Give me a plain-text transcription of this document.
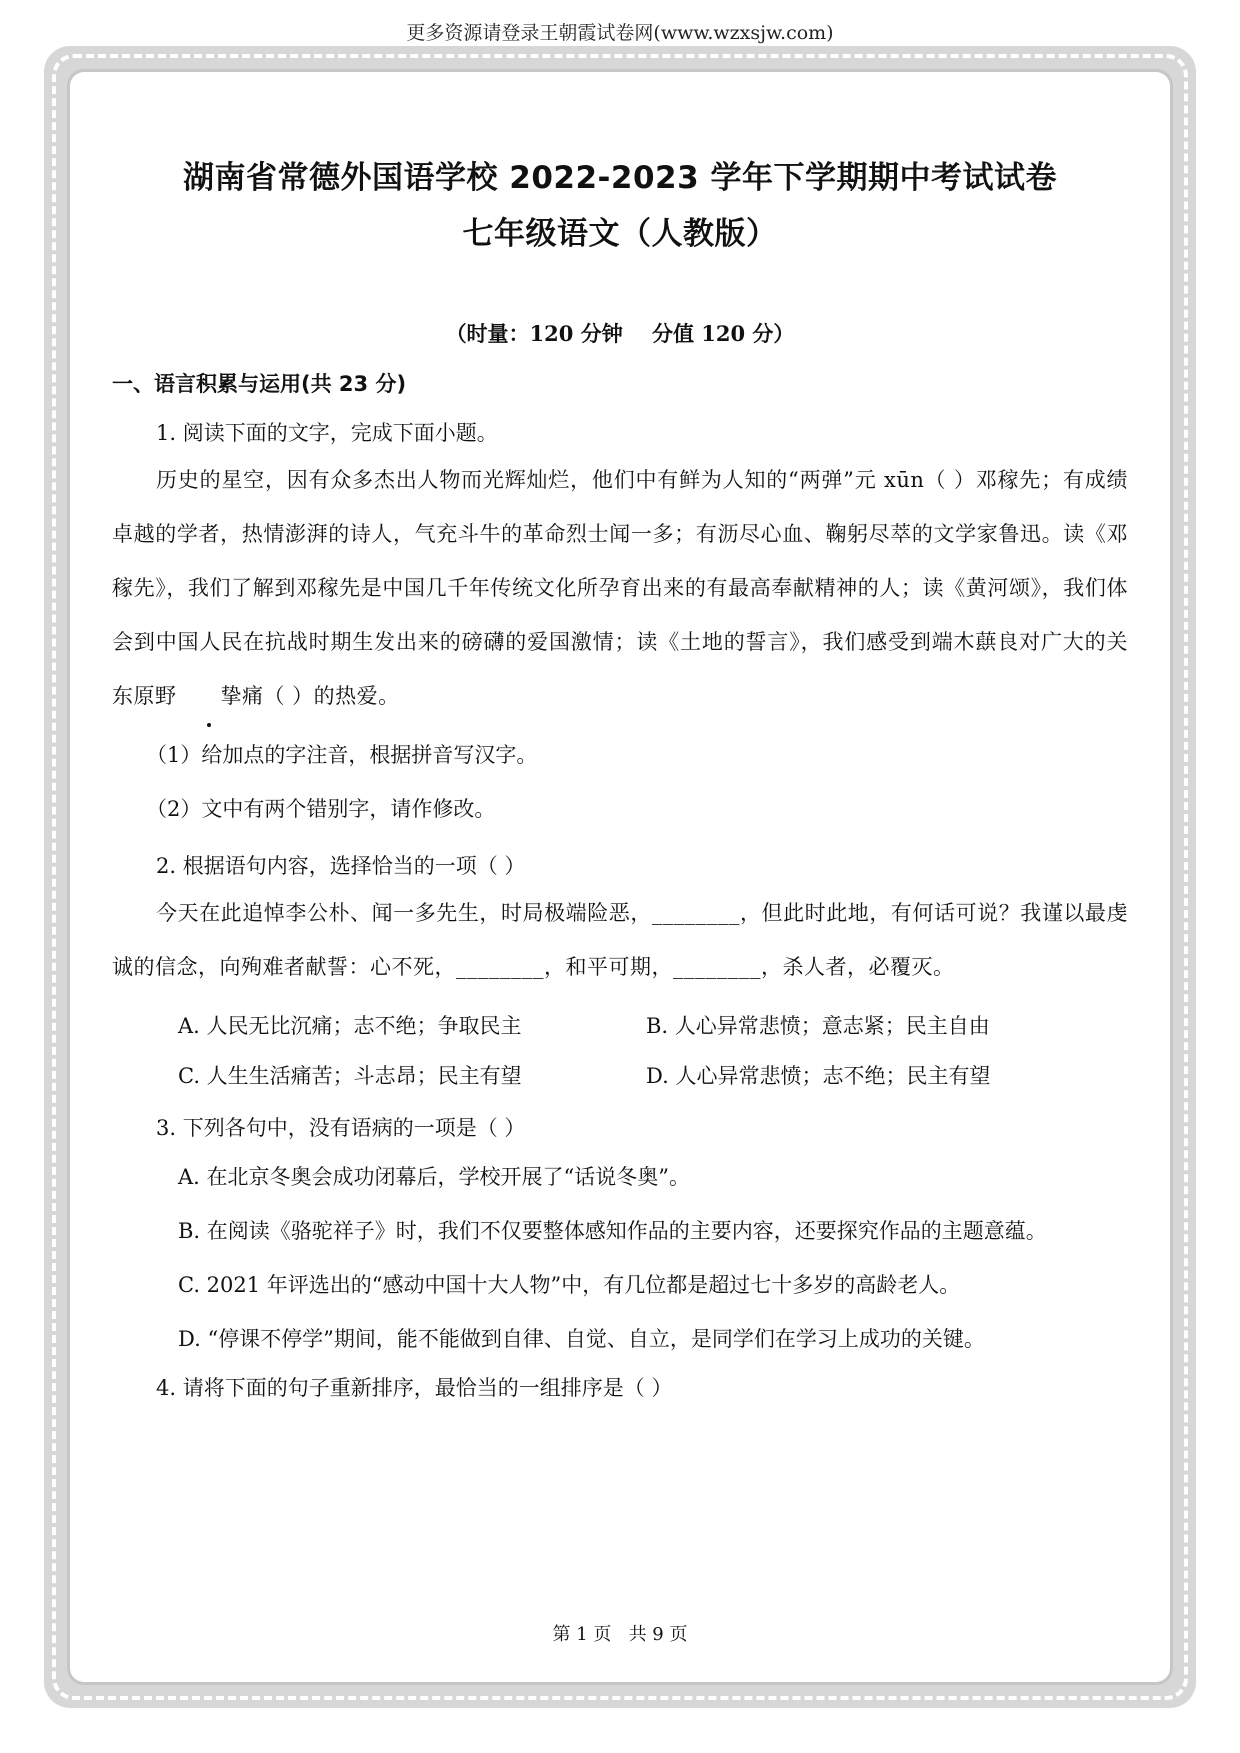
更多资源请登录王朝霞试卷网(www.wzxsjw.com)
湖南省常德外国语学校 2022-2023 学年下学期期中考试试卷
七年级语文（人教版）
（时量：120 分钟    分值 120 分）
一、语言积累与运用(共 23 分)
1. 阅读下面的文字，完成下面小题。
历史的星空，因有众多杰出人物而光辉灿烂，他们中有鲜为人知的“两弹”元 xūn（ ）邓稼先；有成绩卓越的学者，热情澎湃的诗人，气充斗牛的革命烈士闻一多；有沥尽心血、鞠躬尽萃的文学家鲁迅。读《邓稼先》，我们了解到邓稼先是中国几千年传统文化所孕育出来的有最高奉献精神的人；读《黄河颂》，我们体会到中国人民在抗战时期生发出来的磅礴的爱国激情；读《土地的誓言》，我们感受到端木蕻良对广大的关东原野 挚痛（ ）的热爱。
（1）给加点的字注音，根据拼音写汉字。
（2）文中有两个错别字，请作修改。
2. 根据语句内容，选择恰当的一项（ ）
今天在此追悼李公朴、闻一多先生，时局极端险恶，________，但此时此地，有何话可说？我谨以最虔诚的信念，向殉难者献誓：心不死，________，和平可期，________，杀人者，必覆灭。
A. 人民无比沉痛；志不绝；争取民主	B. 人心异常悲愤；意志紧；民主自由
C. 人生生活痛苦；斗志昂；民主有望	D. 人心异常悲愤；志不绝；民主有望
3. 下列各句中，没有语病的一项是（ ）
A. 在北京冬奥会成功闭幕后，学校开展了“话说冬奥”。
B. 在阅读《骆驼祥子》时，我们不仅要整体感知作品的主要内容，还要探究作品的主题意蕴。
C. 2021 年评选出的“感动中国十大人物”中，有几位都是超过七十多岁的高龄老人。
D. “停课不停学”期间，能不能做到自律、自觉、自立，是同学们在学习上成功的关键。
4. 请将下面的句子重新排序，最恰当的一组排序是（ ）
第 1 页   共 9 页
